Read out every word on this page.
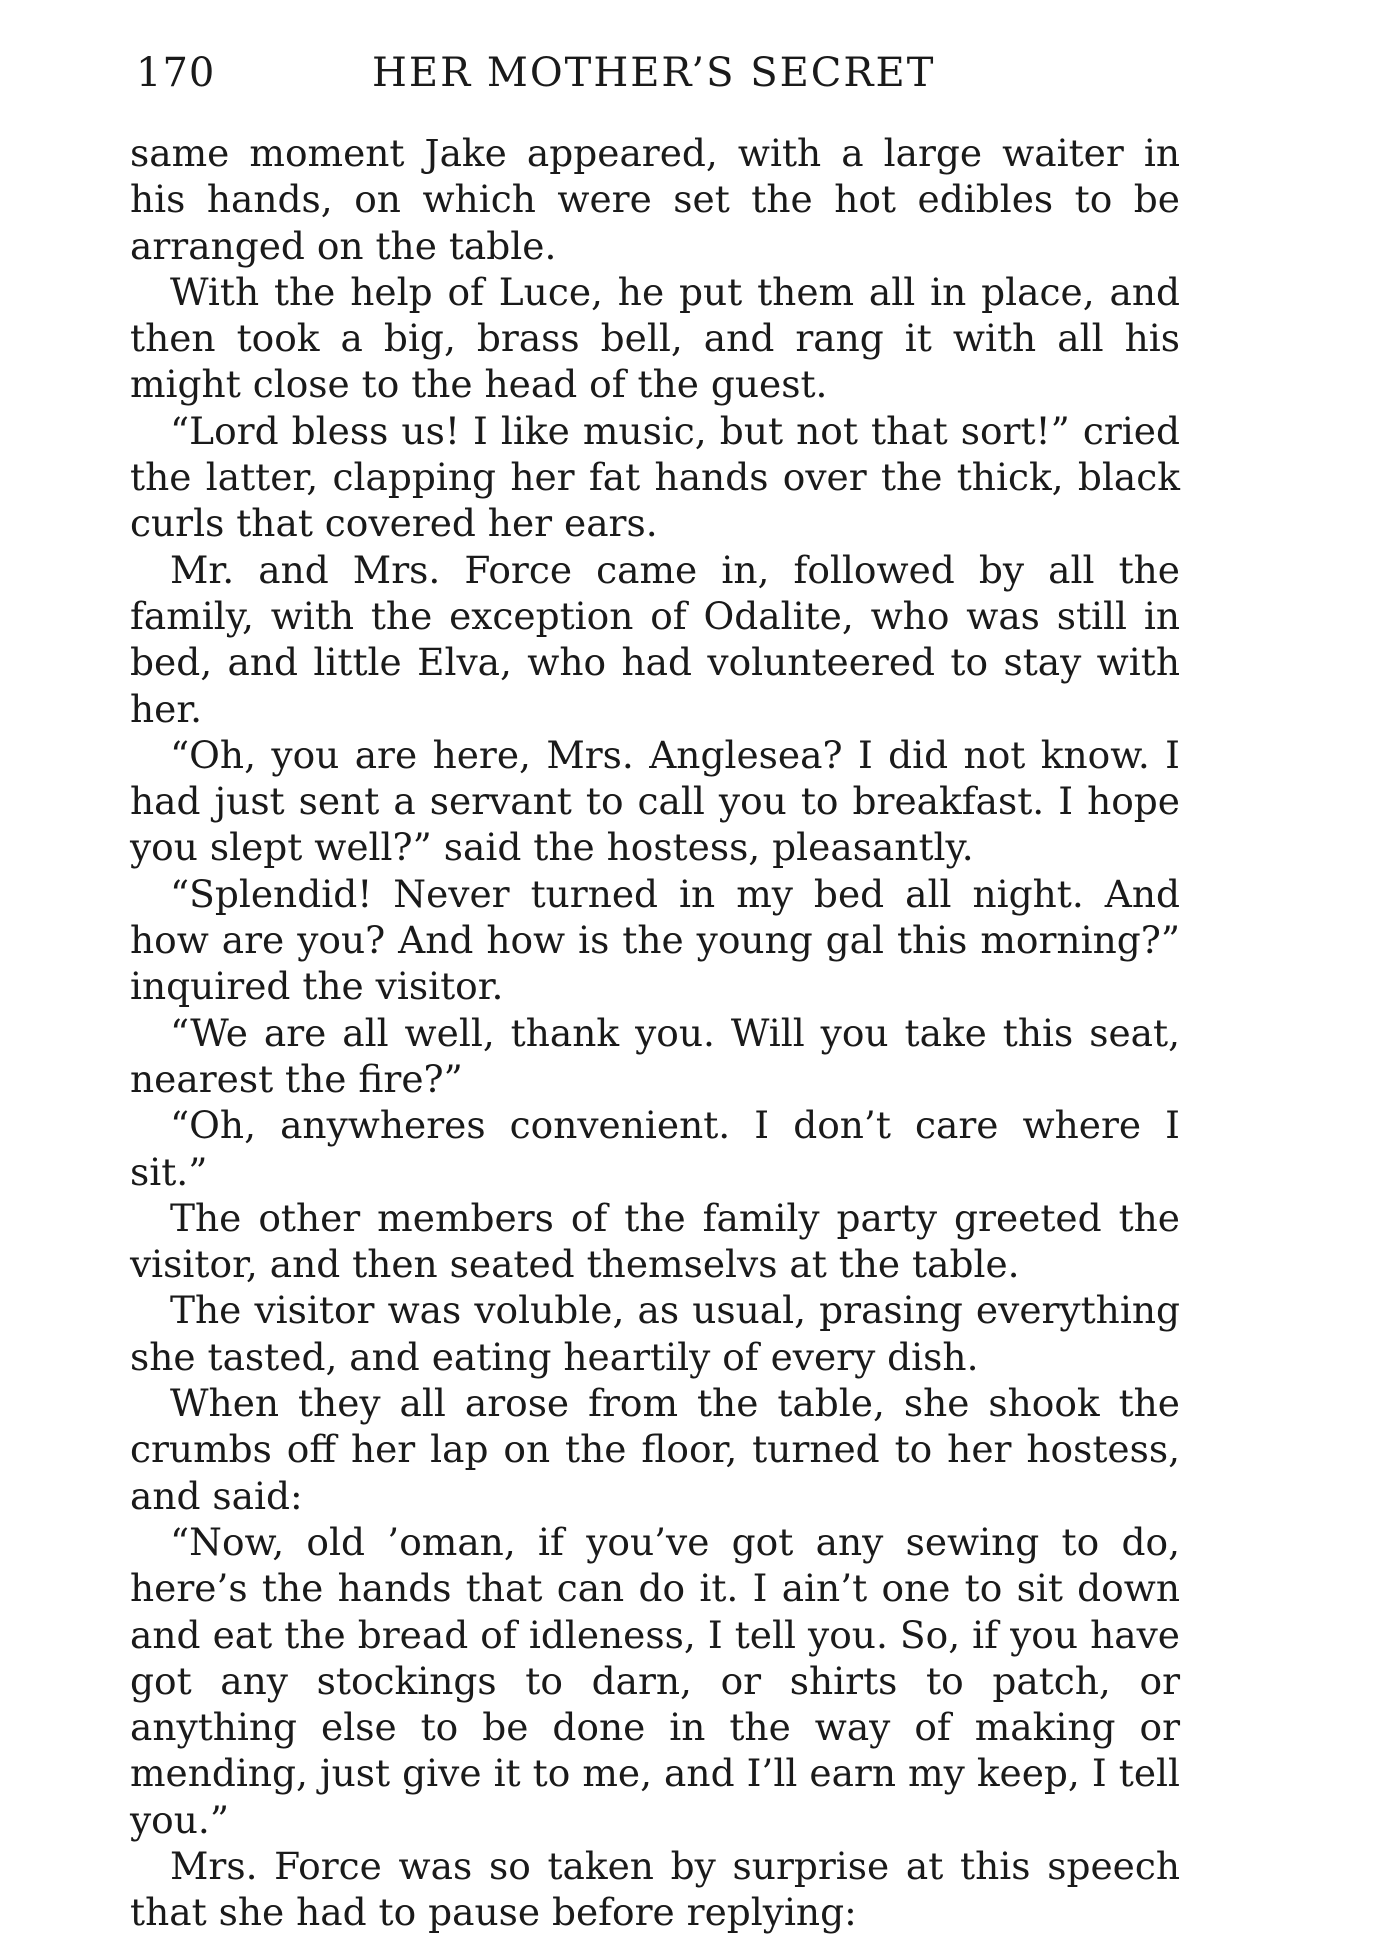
170	HER MOTHER’S SECRET

same moment Jake appeared, with a large waiter in his hands, on which were set the hot edibles to be arranged on the table.

With the help of Luce, he put them all in place, and then took a big, brass bell, and rang it with all his might close to the head of the guest.

“Lord bless us! I like music, but not that sort!” cried the latter, clapping her fat hands over the thick, black curls that covered her ears.

Mr. and Mrs. Force came in, followed by all the family, with the exception of Odalite, who was still in bed, and little Elva, who had volunteered to stay with her.

“Oh, you are here, Mrs. Anglesea? I did not know. I had just sent a servant to call you to breakfast. I hope you slept well?” said the hostess, pleasantly.

“Splendid! Never turned in my bed all night. And how are you? And how is the young gal this morning?” inquired the visitor.

“We are all well, thank you. Will you take this seat, nearest the fire?”

“Oh, anywheres convenient. I don’t care where I sit.”

The other members of the family party greeted the visitor, and then seated themselvs at the table.

The visitor was voluble, as usual, prasing everything she tasted, and eating heartily of every dish.

When they all arose from the table, she shook the crumbs off her lap on the floor, turned to her hostess, and said:

“Now, old ’oman, if you’ve got any sewing to do, here’s the hands that can do it. I ain’t one to sit down and eat the bread of idleness, I tell you. So, if you have got any stockings to darn, or shirts to patch, or anything else to be done in the way of making or mending, just give it to me, and I’ll earn my keep, I tell you.”

Mrs. Force was so taken by surprise at this speech that she had to pause before replying:
